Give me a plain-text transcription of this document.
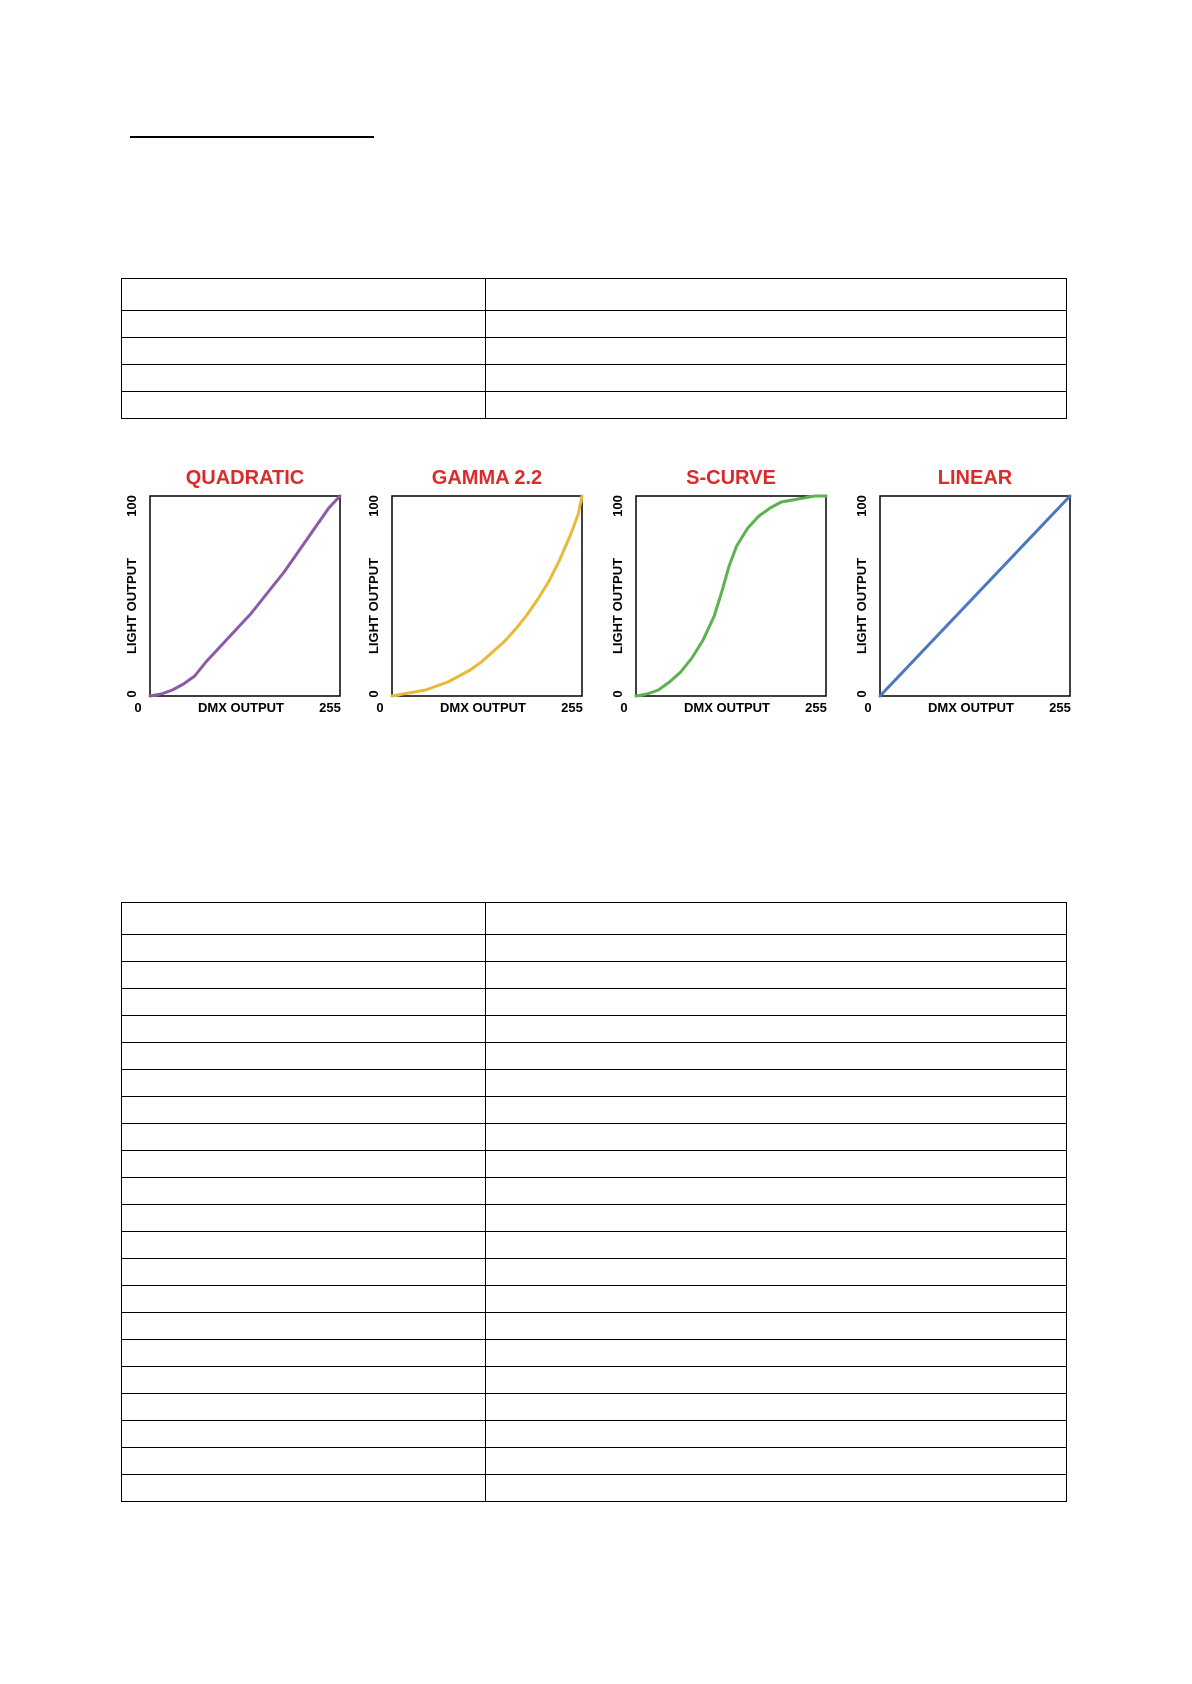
QUADRATIC
0	255
DMX OUTPUT
0
100
LIGHT OUTPUT
GAMMA 2.2
0	255
DMX OUTPUT
0
100
LIGHT OUTPUT
S-CURVE
0	255
DMX OUTPUT
0
100
LIGHT OUTPUT
LINEAR
0	255
DMX OUTPUT
0
100
LIGHT OUTPUT
